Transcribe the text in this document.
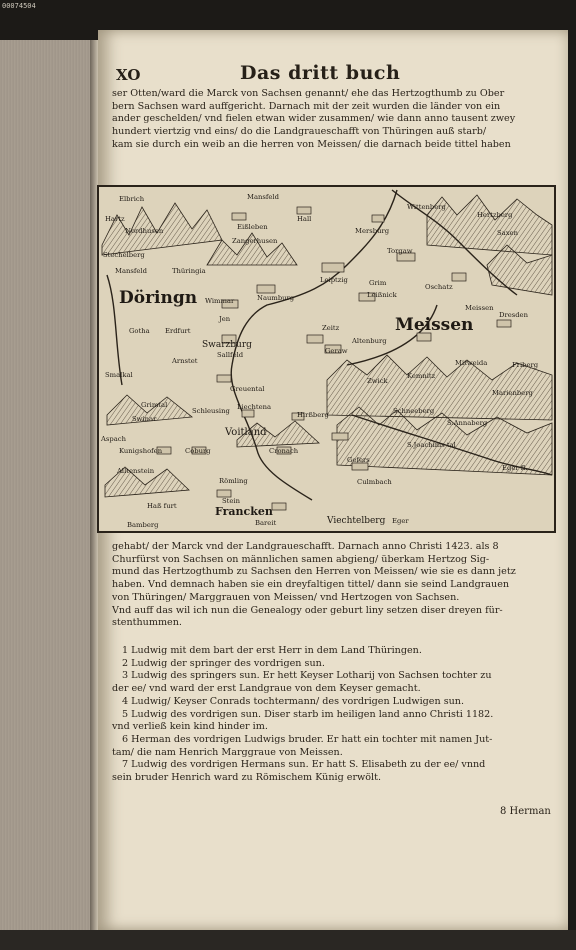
00074504
XO	Das dritt buch

ser Otten/ward die Marck von Sachsen genannt/ ehe das Hertzogthumb zu Ober

bern Sachsen ward auffgericht. Darnach mit der zeit wurden die länder von ein

ander geschelden/ vnd fielen etwan wider zusammen/ wie dann anno tausent zwey

hundert viertzig vnd eins/ do die Landgraueschafft von Thüringen auß starb/

kam sie durch ein weib an die herren von Meissen/ die darnach beide tittel haben

Döringn
Meissen
Voitland
Francken
Elbrich
Hartz
Nordhusen
Stechelberg
Mansfeld
Eißleben
Zangerhusen
Hall
Wittenberg
Hertzberg
Saxen
Mersburg
Torgaw
Leiptzig	Grim
Leißnick
Oschatz
Meissen
Dresden
Mansfeld	Thüringia
Wimmar
Jen
Naumburg
Zeitz
Altenburg
Geraw
Gotha Erdfurt
Swarzburg
Sallfeld
Arnstet
Smalkal
Grimtal
Swinar
Schleusing
Greuental
Liechtena
Hirßberg
Zwick
Kemnitz
Schneeberg
Marienberg
Friberg
Mitweida
S.Annaberg
S.Joachims tal
Eger fl.
Aspach
Kunigshofen	Coburg	Cronach
Gefers
Culmbach
Römling
Alltenstein
Haß furt
Bamberg
Stein
Bareit	Viechtelberg Eger

gehabt/ der Marck vnd der Landgraueschafft. Darnach anno Christi 1423. als 8

Churfürst von Sachsen on männlichen samen abgieng/ überkam Hertzog Sig-

mund das Hertzogthumb zu Sachsen den Herren von Meissen/ wie sie es dann jetz

haben. Vnd demnach haben sie ein dreyfaltigen tittel/ dann sie seind Landgrauen

von Thüringen/ Marggrauen von Meissen/ vnd Hertzogen von Sachsen.

Vnd auff das wil ich nun die Genealogy oder geburt liny setzen diser dreyen für-

stenthummen.

1 Ludwig mit dem bart der erst Herr in dem Land Thüringen.

2 Ludwig der springer des vordrigen sun.

3 Ludwig des springers sun. Er hett Keyser Lotharij von Sachsen tochter zu

der ee/ vnd ward der erst Landgraue von dem Keyser gemacht.

4 Ludwig/ Keyser Conrads tochtermann/ des vordrigen Ludwigen sun.

5 Ludwig des vordrigen sun. Diser starb im heiligen land anno Christi 1182.

vnd verließ kein kind hinder im.

6 Herman des vordrigen Ludwigs bruder. Er hatt ein tochter mit namen Jut-

tam/ die nam Henrich Marggraue von Meissen.

7 Ludwig des vordrigen Hermans sun. Er hatt S. Elisabeth zu der ee/ vnnd

sein bruder Henrich ward zu Römischem Künig erwölt.

8 Herman
